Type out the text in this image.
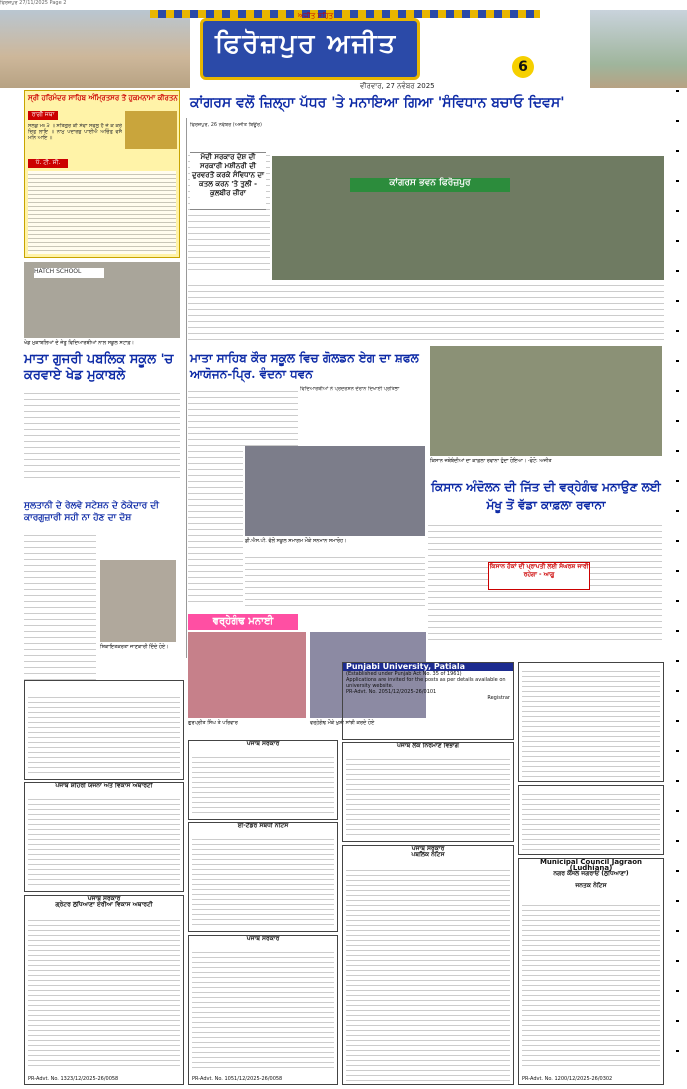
ਫਿਰੋਜ਼ਪੁਰ 27/11/2025 Page 2
ਫਿਰੋਜ਼ਪੁਰ ਅਜੀਤ
ਅਜੀਤ ਸਹਿਤ
6
ਵੀਰਵਾਰ, 27 ਨਵੰਬਰ 2025
ਸ੍ਰੀ ਹਰਿਮੰਦਰ ਸਾਹਿਬ ਅੰਮ੍ਰਿਤਸਰ ਤੋਂ ਹੁਕਮਨਾਮਾ ਕੀਰਤਨ
ਰਾਗੀ ਜਥਾ
ਸਲੋਕੁ ਮਃ ੩ ॥ ਸਤਿਗੁਰ ਕੀ ਸੇਵਾ ਸਫਲੁ ਹੈ ਜੇ ਕੋ ਕਰੇ ਚਿਤੁ ਲਾਇ ॥ ਨਾਮੁ ਪਦਾਰਥੁ ਪਾਈਐ ਅਚਿੰਤੁ ਵਸੈ ਮਨਿ ਆਇ ॥
ਧੰ. ਟੀ. ਸੀ.
HATCH SCHOOL
ਖੇਡ ਮੁਕਾਬਲਿਆਂ ਦੇ ਜੇਤੂ ਵਿਦਿਆਰਥੀਆਂ ਨਾਲ ਸਕੂਲ ਸਟਾਫ਼।
ਮਾਤਾ ਗੁਜਰੀ ਪਬਲਿਕ ਸਕੂਲ 'ਚ ਕਰਵਾਏ ਖੇਡ ਮੁਕਾਬਲੇ
ਕਾਂਗਰਸ ਵਲੋਂ ਜ਼ਿਲ੍ਹਾ ਪੱਧਰ 'ਤੇ ਮਨਾਇਆ ਗਿਆ 'ਸੰਵਿਧਾਨ ਬਚਾਓ ਦਿਵਸ'
ਫਿਰੋਜ਼ਪੁਰ, 26 ਨਵੰਬਰ (ਅਜੀਤ ਬਿਊਰੋ)
ਮੋਦੀ ਸਰਕਾਰ ਦੇਸ਼ ਦੀ ਸਰਕਾਰੀ ਮਸ਼ੀਨਰੀ ਦੀ ਦੁਰਵਰਤੋਂ ਕਰਕੇ ਸੰਵਿਧਾਨ ਦਾ ਕਤਲ ਕਰਨ 'ਤੇ ਤੁਲੀ - ਕੁਲਬੀਰ ਜ਼ੀਰਾ
ਕਾਂਗਰਸ ਭਵਨ ਫਿਰੋਜ਼ਪੁਰ
ਮਾਤਾ ਸਾਹਿਬ ਕੌਰ ਸਕੂਲ ਵਿਚ ਗੋਲਡਨ ਏਗ ਦਾ ਸ਼ਫਲ ਆਯੋਜਨ-ਪ੍ਰਿ. ਵੰਦਨਾ ਧਵਨ
ਵਿਦਿਆਰਥੀਆਂ ਨੇ ਪ੍ਰਦਰਸ਼ਨ ਦੌਰਾਨ ਦਿਖਾਈ ਪ੍ਰਤਿਭਾ
ਡੀ.ਐਸ.ਪੀ. ਵੱਲੋਂ ਸਕੂਲ ਸਮਾਗਮ ਮੌਕੇ ਸਨਮਾਨ ਸਮਾਰੋਹ।
ਕਿਸਾਨ ਜਥੇਬੰਦੀਆਂ ਦਾ ਕਾਫ਼ਲਾ ਰਵਾਨਾ ਹੁੰਦਾ ਹੋਇਆ। -ਫੋਟੋ: ਅਜੀਤ
ਕਿਸਾਨ ਅੰਦੋਲਨ ਦੀ ਜਿੱਤ ਦੀ ਵਰ੍ਹੇਗੰਢ ਮਨਾਉਣ ਲਈ ਮੱਖੂ ਤੋਂ ਵੱਡਾ ਕਾਫ਼ਲਾ ਰਵਾਨਾ
ਕਿਸਾਨ ਹੱਕਾਂ ਦੀ ਪ੍ਰਾਪਤੀ ਲਈ ਸੰਘਰਸ਼ ਜਾਰੀ ਰਹੇਗਾ - ਆਗੂ
ਸੁਲਤਾਨੀ ਦੇ ਰੇਲਵੇ ਸਟੇਸ਼ਨ ਦੇ ਠੇਕੇਦਾਰ ਦੀ ਕਾਰਗੁਜ਼ਾਰੀ ਸਹੀ ਨਾ ਹੋਣ ਦਾ ਦੋਸ਼
ਸ਼ਿਕਾਇਤਕਰਤਾ ਜਾਣਕਾਰੀ ਦਿੰਦੇ ਹੋਏ।
ਵਰ੍ਹੇਗੰਢ ਮਨਾਈ
ਗੁਰਪ੍ਰੀਤ ਸਿੰਘ ਤੇ ਪਰਿਵਾਰ	ਵਰ੍ਹੇਗੰਢ ਮੌਕੇ ਖੁਸ਼ੀ ਸਾਂਝੀ ਕਰਦੇ ਹੋਏ
ਪੰਜਾਬ ਸ਼ਹਿਰੀ ਯੋਜਨਾ ਅਤੇ ਵਿਕਾਸ ਅਥਾਰਟੀ
ਪੰਜਾਬ ਸਰਕਾਰ
ਗ੍ਰੇਟਰ ਲੁਧਿਆਣਾ ਏਰੀਆ ਵਿਕਾਸ ਅਥਾਰਟੀ
PR-Advt. No. 1323/12/2025-26/0058
ਪੰਜਾਬ ਸਰਕਾਰ
ਈ-ਟੈਂਡਰ ਸੰਬੰਧੀ ਨੋਟਿਸ
ਪੰਜਾਬ ਸਰਕਾਰ
PR-Advt. No. 1051/12/2025-26/0058
Punjabi University, Patiala
(Established under Punjab Act No. 35 of 1961)
Applications are invited for the posts as per details available on university website.
PR-Advt. No. 2051/12/2025-26/0101
Registrar
ਪੰਜਾਬ ਲੋਕ ਨਿਰਮਾਣ ਵਿਭਾਗ
ਪੰਜਾਬ ਸਰਕਾਰ
ਪਬਲਿਕ ਨੋਟਿਸ
Municipal Council Jagraon (Ludhiana)
ਨਗਰ ਕੌਂਸਲ ਜਗਰਾਓਂ (ਲੁਧਿਆਣਾ)
ਜਨਤਕ ਨੋਟਿਸ
PR-Advt. No. 1200/12/2025-26/0302
